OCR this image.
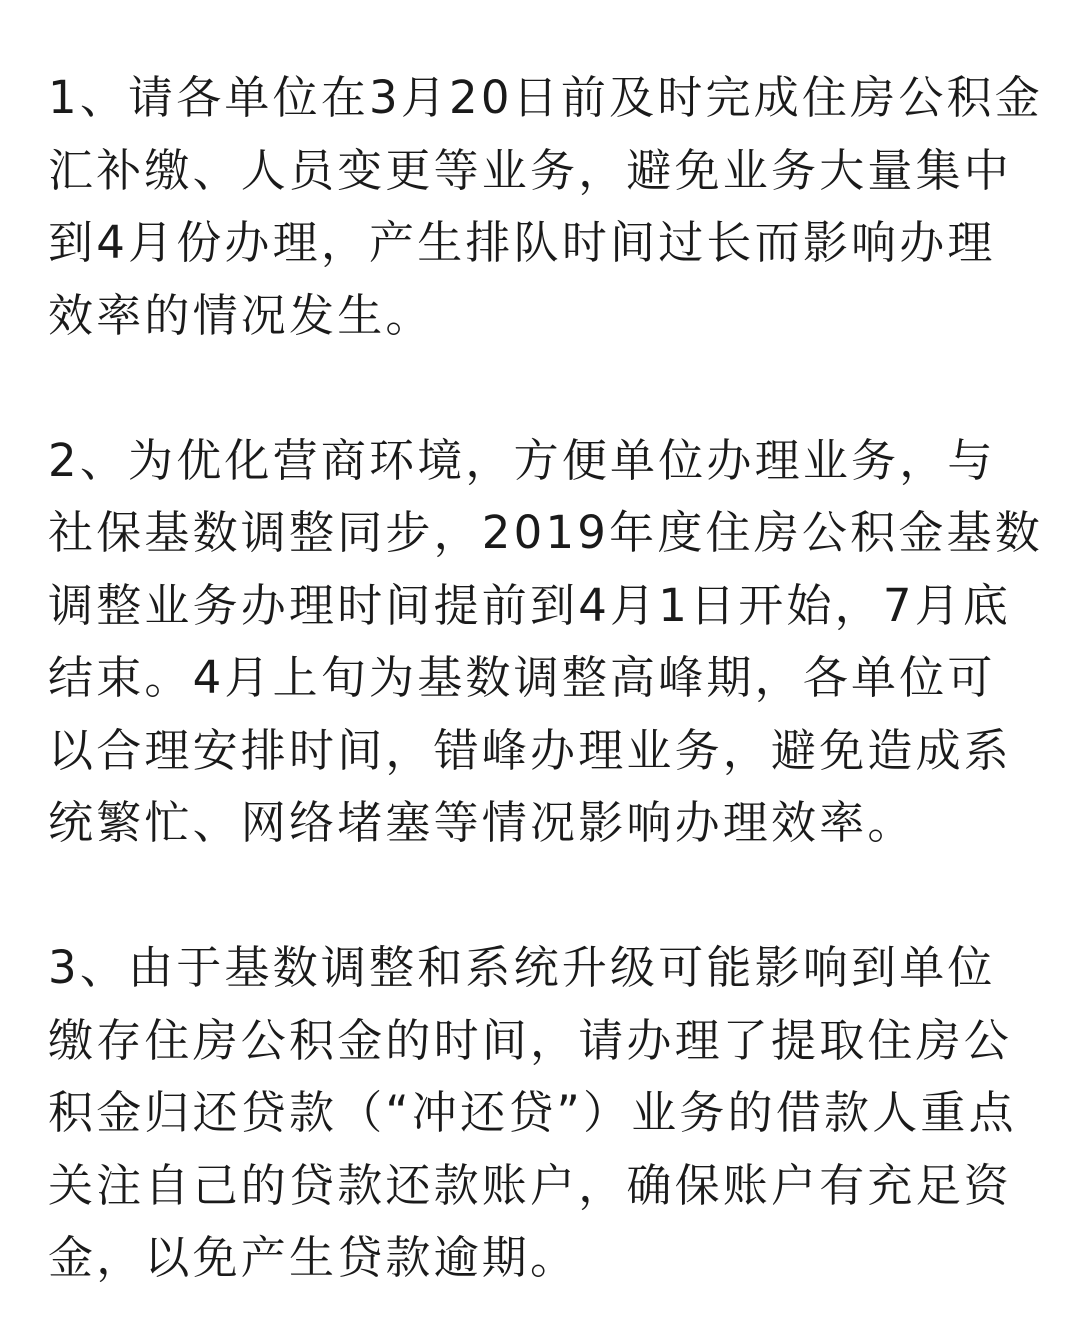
1、请各单位在3月20日前及时完成住房公积金
汇补缴、人员变更等业务，避免业务大量集中
到4月份办理，产生排队时间过长而影响办理
效率的情况发生。
2、为优化营商环境，方便单位办理业务，与
社保基数调整同步，2019年度住房公积金基数
调整业务办理时间提前到4月1日开始，7月底
结束。4月上旬为基数调整高峰期，各单位可
以合理安排时间，错峰办理业务，避免造成系
统繁忙、网络堵塞等情况影响办理效率。
3、由于基数调整和系统升级可能影响到单位
缴存住房公积金的时间，请办理了提取住房公
积金归还贷款（“冲还贷”）业务的借款人重点
关注自己的贷款还款账户，确保账户有充足资
金，以免产生贷款逾期。
